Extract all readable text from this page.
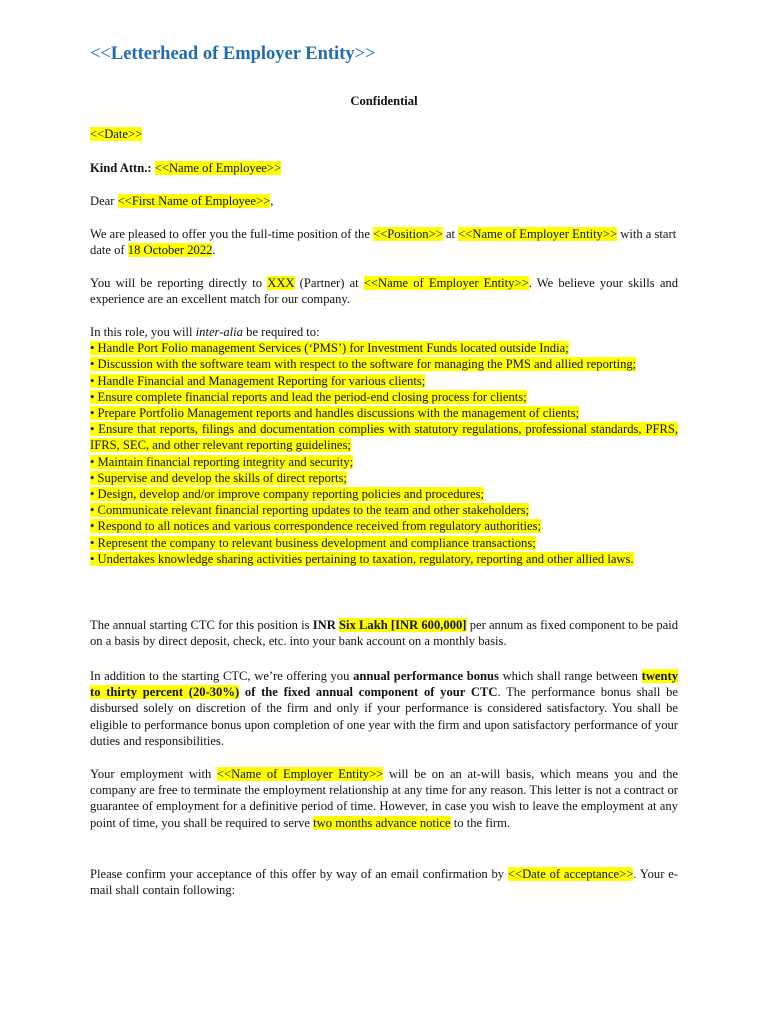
<<Letterhead of Employer Entity>>
Confidential
<<Date>>
Kind Attn.: <<Name of Employee>>
Dear <<First Name of Employee>>,
We are pleased to offer you the full-time position of the <<Position>> at <<Name of Employer Entity>> with a start date of 18 October 2022.
You will be reporting directly to XXX (Partner) at <<Name of Employer Entity>>. We believe your skills and experience are an excellent match for our company.
In this role, you will inter-alia be required to:
• Handle Port Folio management Services (‘PMS’) for Investment Funds located outside India;
• Discussion with the software team with respect to the software for managing the PMS and allied reporting;
• Handle Financial and Management Reporting for various clients;
• Ensure complete financial reports and lead the period-end closing process for clients;
• Prepare Portfolio Management reports and handles discussions with the management of clients;
• Ensure that reports, filings and documentation complies with statutory regulations, professional standards, PFRS, IFRS, SEC, and other relevant reporting guidelines;
• Maintain financial reporting integrity and security;
• Supervise and develop the skills of direct reports;
• Design, develop and/or improve company reporting policies and procedures;
• Communicate relevant financial reporting updates to the team and other stakeholders;
• Respond to all notices and various correspondence received from regulatory authorities;
• Represent the company to relevant business development and compliance transactions;
• Undertakes knowledge sharing activities pertaining to taxation, regulatory, reporting and other allied laws.
The annual starting CTC for this position is INR Six Lakh [INR 600,000] per annum as fixed component to be paid on a basis by direct deposit, check, etc. into your bank account on a monthly basis.
In addition to the starting CTC, we’re offering you annual performance bonus which shall range between twenty to thirty percent (20-30%) of the fixed annual component of your CTC. The performance bonus shall be disbursed solely on discretion of the firm and only if your performance is considered satisfactory. You shall be eligible to performance bonus upon completion of one year with the firm and upon satisfactory performance of your duties and responsibilities.
Your employment with <<Name of Employer Entity>> will be on an at-will basis, which means you and the company are free to terminate the employment relationship at any time for any reason. This letter is not a contract or guarantee of employment for a definitive period of time. However, in case you wish to leave the employment at any point of time, you shall be required to serve two months advance notice to the firm.
Please confirm your acceptance of this offer by way of an email confirmation by <<Date of acceptance>>. Your e-mail shall contain following:
